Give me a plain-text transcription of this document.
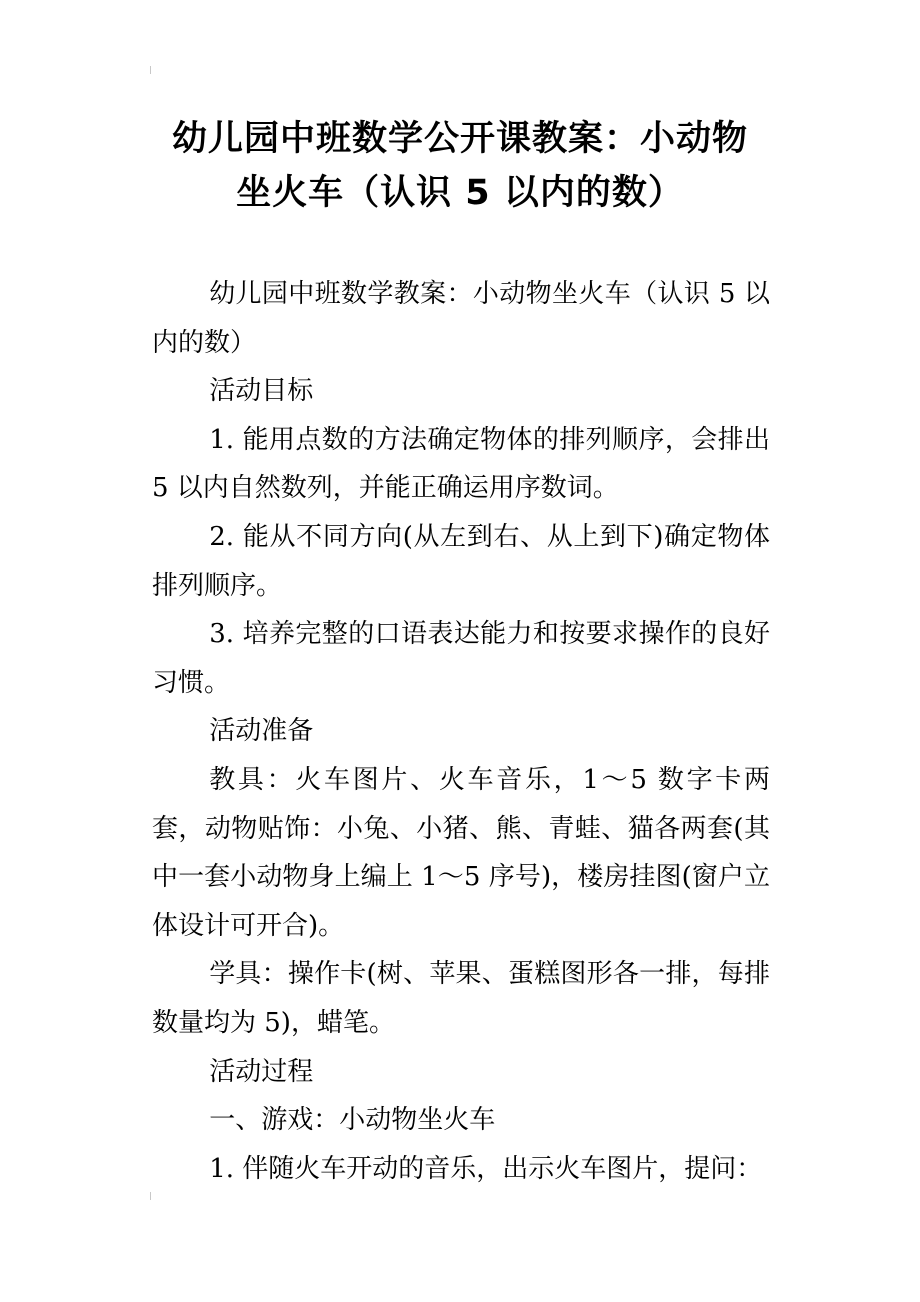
幼儿园中班数学公开课教案：小动物
坐火车（认识 5 以内的数）

幼儿园中班数学教案：小动物坐火车（认识 5 以内的数）

活动目标

1. 能用点数的方法确定物体的排列顺序，会排出 5 以内自然数列，并能正确运用序数词。

2. 能从不同方向(从左到右、从上到下)确定物体排列顺序。

3. 培养完整的口语表达能力和按要求操作的良好习惯。

活动准备

教具：火车图片、火车音乐，1～5 数字卡两套，动物贴饰：小兔、小猪、熊、青蛙、猫各两套(其中一套小动物身上编上 1～5 序号)，楼房挂图(窗户立体设计可开合)。

学具：操作卡(树、苹果、蛋糕图形各一排，每排数量均为 5)，蜡笔。

活动过程

一、游戏：小动物坐火车

1. 伴随火车开动的音乐，出示火车图片，提问：
